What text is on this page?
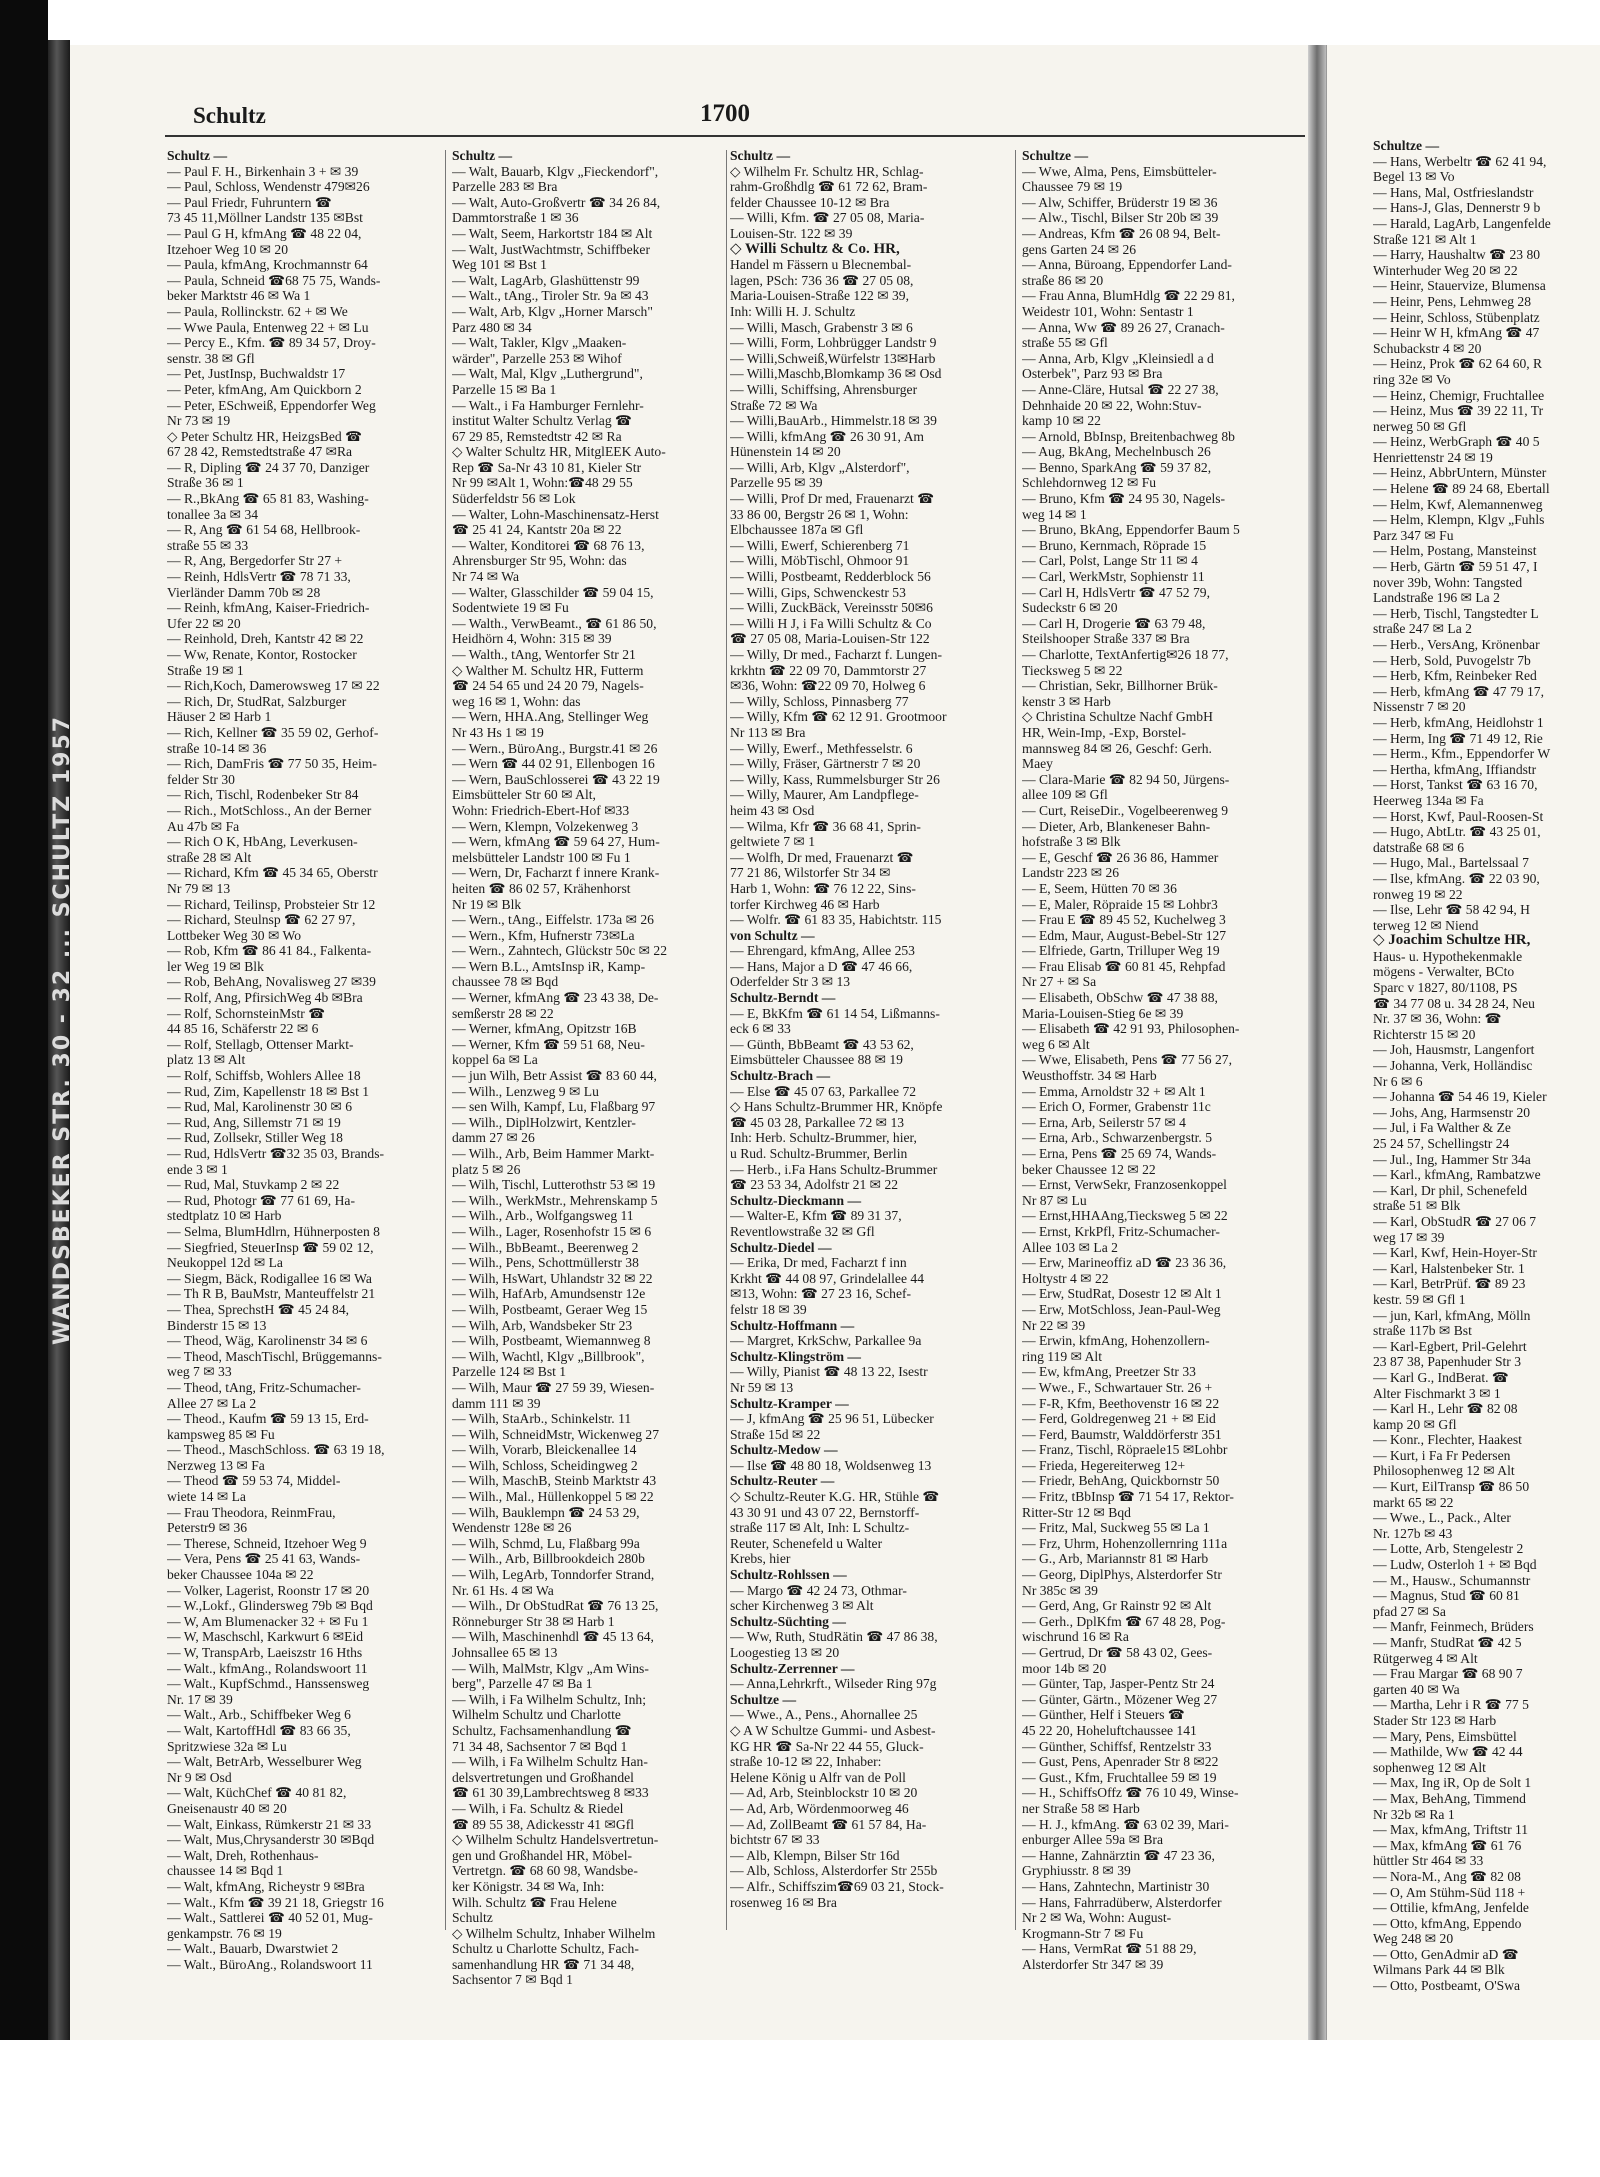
WANDSBEKER STR. 30 - 32 ... SCHULTZ 1957
Schultz	1700
Schultz —
— Paul F. H., Birkenhain 3 + ✉ 39
— Paul, Schloss, Wendenstr 479✉26
— Paul Friedr, Fuhruntern ☎
73 45 11,Möllner Landstr 135 ✉Bst
— Paul G H, kfmAng ☎ 48 22 04,
Itzehoer Weg 10 ✉ 20
— Paula, kfmAng, Krochmannstr 64
— Paula, Schneid ☎68 75 75, Wands-
beker Marktstr 46 ✉ Wa 1
— Paula, Rollinckstr. 62 + ✉ We
— Wwe Paula, Entenweg 22 + ✉ Lu
— Percy E., Kfm. ☎ 89 34 57, Droy-
senstr. 38 ✉ Gfl
— Pet, JustInsp, Buchwaldstr 17
— Peter, kfmAng, Am Quickborn 2
— Peter, ESchweiß, Eppendorfer Weg
Nr 73 ✉ 19
◇ Peter Schultz HR, HeizgsBed ☎
67 28 42, Remstedtstraße 47 ✉Ra
— R, Dipling ☎ 24 37 70, Danziger
Straße 36 ✉ 1
— R.,BkAng ☎ 65 81 83, Washing-
tonallee 3a ✉ 34
— R, Ang ☎ 61 54 68, Hellbrook-
straße 55 ✉ 33
— R, Ang, Bergedorfer Str 27 +
— Reinh, HdlsVertr ☎ 78 71 33,
Vierländer Damm 70b ✉ 28
— Reinh, kfmAng, Kaiser-Friedrich-
Ufer 22 ✉ 20
— Reinhold, Dreh, Kantstr 42 ✉ 22
— Ww, Renate, Kontor, Rostocker
Straße 19 ✉ 1
— Rich,Koch, Damerowsweg 17 ✉ 22
— Rich, Dr, StudRat, Salzburger
Häuser 2 ✉ Harb 1
— Rich, Kellner ☎ 35 59 02, Gerhof-
straße 10-14 ✉ 36
— Rich, DamFris ☎ 77 50 35, Heim-
felder Str 30
— Rich, Tischl, Rodenbeker Str 84
— Rich., MotSchloss., An der Berner
Au 47b ✉ Fa
— Rich O K, HbAng, Leverkusen-
straße 28 ✉ Alt
— Richard, Kfm ☎ 45 34 65, Oberstr
Nr 79 ✉ 13
— Richard, Teilinsp, Probsteier Str 12
— Richard, Steulnsp ☎ 62 27 97,
Lottbeker Weg 30 ✉ Wo
— Rob, Kfm ☎ 86 41 84., Falkenta-
ler Weg 19 ✉ Blk
— Rob, BehAng, Novalisweg 27 ✉39
— Rolf, Ang, PfirsichWeg 4b ✉Bra
— Rolf, SchornsteinMstr ☎
44 85 16, Schäferstr 22 ✉ 6
— Rolf, Stellagb, Ottenser Markt-
platz 13 ✉ Alt
— Rolf, Schiffsb, Wohlers Allee 18
— Rud, Zim, Kapellenstr 18 ✉ Bst 1
— Rud, Mal, Karolinenstr 30 ✉ 6
— Rud, Ang, Sillemstr 71 ✉ 19
— Rud, Zollsekr, Stiller Weg 18
— Rud, HdlsVertr ☎32 35 03, Brands-
ende 3 ✉ 1
— Rud, Mal, Stuvkamp 2 ✉ 22
— Rud, Photogr ☎ 77 61 69, Ha-
stedtplatz 10 ✉ Harb
— Selma, BlumHdlrn, Hühnerposten 8
— Siegfried, SteuerInsp ☎ 59 02 12,
Neukoppel 12d ✉ La
— Siegm, Bäck, Rodigallee 16 ✉ Wa
— Th R B, BauMstr, Manteuffelstr 21
— Thea, SprechstH ☎ 45 24 84,
Binderstr 15 ✉ 13
— Theod, Wäg, Karolinenstr 34 ✉ 6
— Theod, MaschTischl, Brüggemanns-
weg 7 ✉ 33
— Theod, tAng, Fritz-Schumacher-
Allee 27 ✉ La 2
— Theod., Kaufm ☎ 59 13 15, Erd-
kampsweg 85 ✉ Fu
— Theod., MaschSchloss. ☎ 63 19 18,
Nerzweg 13 ✉ Fa
— Theod ☎ 59 53 74, Middel-
wiete 14 ✉ La
— Frau Theodora, ReinmFrau,
Peterstr9 ✉ 36
— Therese, Schneid, Itzehoer Weg 9
— Vera, Pens ☎ 25 41 63, Wands-
beker Chaussee 104a ✉ 22
— Volker, Lagerist, Roonstr 17 ✉ 20
— W.,Lokf., Glindersweg 79b ✉ Bqd
— W, Am Blumenacker 32 + ✉ Fu 1
— W, Maschschl, Karkwurt 6 ✉Eid
— W, TranspArb, Laeiszstr 16 Hths
— Walt., kfmAng., Rolandswoort 11
— Walt., KupfSchmd., Hanssensweg
Nr. 17 ✉ 39
— Walt., Arb., Schiffbeker Weg 6
— Walt, KartoffHdl ☎ 83 66 35,
Spritzwiese 32a ✉ Lu
— Walt, BetrArb, Wesselburer Weg
Nr 9 ✉ Osd
— Walt, KüchChef ☎ 40 81 82,
Gneisenaustr 40 ✉ 20
— Walt, Einkass, Rümkerstr 21 ✉ 33
— Walt, Mus,Chrysanderstr 30 ✉Bqd
— Walt, Dreh, Rothenhaus-
chaussee 14 ✉ Bqd 1
— Walt, kfmAng, Richeystr 9 ✉Bra
— Walt., Kfm ☎ 39 21 18, Griegstr 16
— Walt., Sattlerei ☎ 40 52 01, Mug-
genkampstr. 76 ✉ 19
— Walt., Bauarb, Dwarstwiet 2
— Walt., BüroAng., Rolandswoort 11
Schultz —
— Walt, Bauarb, Klgv „Fieckendorf",
Parzelle 283 ✉ Bra
— Walt, Auto-Großvertr ☎ 34 26 84,
Dammtorstraße 1 ✉ 36
— Walt, Seem, Harkortstr 184 ✉ Alt
— Walt, JustWachtmstr, Schiffbeker
Weg 101 ✉ Bst 1
— Walt, LagArb, Glashüttenstr 99
— Walt., tAng., Tiroler Str. 9a ✉ 43
— Walt, Arb, Klgv „Horner Marsch"
Parz 480 ✉ 34
— Walt, Takler, Klgv „Maaken-
wärder", Parzelle 253 ✉ Wihof
— Walt, Mal, Klgv „Luthergrund",
Parzelle 15 ✉ Ba 1
— Walt., i Fa Hamburger Fernlehr-
institut Walter Schultz Verlag ☎
67 29 85, Remstedtstr 42 ✉ Ra
◇ Walter Schultz HR, MitglEEK Auto-
Rep ☎ Sa-Nr 43 10 81, Kieler Str
Nr 99 ✉Alt 1, Wohn:☎48 29 55
Süderfeldstr 56 ✉ Lok
— Walter, Lohn-Maschinensatz-Herst
☎ 25 41 24, Kantstr 20a ✉ 22
— Walter, Konditorei ☎ 68 76 13,
Ahrensburger Str 95, Wohn: das
Nr 74 ✉ Wa
— Walter, Glasschilder ☎ 59 04 15,
Sodentwiete 19 ✉ Fu
— Walth., VerwBeamt., ☎ 61 86 50,
Heidhörn 4, Wohn: 315 ✉ 39
— Walth., tAng, Wentorfer Str 21
◇ Walther M. Schultz HR, Futterm
☎ 24 54 65 und 24 20 79, Nagels-
weg 16 ✉ 1, Wohn: das
— Wern, HHA.Ang, Stellinger Weg
Nr 43 Hs 1 ✉ 19
— Wern., BüroAng., Burgstr.41 ✉ 26
— Wern ☎ 44 02 91, Ellenbogen 16
— Wern, BauSchlosserei ☎ 43 22 19
Eimsbütteler Str 60 ✉ Alt,
Wohn: Friedrich-Ebert-Hof ✉33
— Wern, Klempn, Volzekenweg 3
— Wern, kfmAng ☎ 59 64 27, Hum-
melsbütteler Landstr 100 ✉ Fu 1
— Wern, Dr, Facharzt f innere Krank-
heiten ☎ 86 02 57, Krähenhorst
Nr 19 ✉ Blk
— Wern., tAng., Eiffelstr. 173a ✉ 26
— Wern., Kfm, Hufnerstr 73✉La
— Wern., Zahntech, Glückstr 50c ✉ 22
— Wern B.L., AmtsInsp iR, Kamp-
chaussee 78 ✉ Bqd
— Werner, kfmAng ☎ 23 43 38, De-
semßerstr 28 ✉ 22
— Werner, kfmAng, Opitzstr 16B
— Werner, Kfm ☎ 59 51 68, Neu-
koppel 6a ✉ La
— jun Wilh, Betr Assist ☎ 83 60 44,
— Wilh., Lenzweg 9 ✉ Lu
— sen Wilh, Kampf, Lu, Flaßbarg 97
— Wilh., DiplHolzwirt, Kentzler-
damm 27 ✉ 26
— Wilh., Arb, Beim Hammer Markt-
platz 5 ✉ 26
— Wilh, Tischl, Lutterothstr 53 ✉ 19
— Wilh., WerkMstr., Mehrenskamp 5
— Wilh., Arb., Wolfgangsweg 11
— Wilh., Lager, Rosenhofstr 15 ✉ 6
— Wilh., BbBeamt., Beerenweg 2
— Wilh., Pens, Schottmüllerstr 38
— Wilh, HsWart, Uhlandstr 32 ✉ 22
— Wilh, HafArb, Amundsenstr 12e
— Wilh, Postbeamt, Geraer Weg 15
— Wilh, Arb, Wandsbeker Str 23
— Wilh, Postbeamt, Wiemannweg 8
— Wilh, Wachtl, Klgv „Billbrook",
Parzelle 124 ✉ Bst 1
— Wilh, Maur ☎ 27 59 39, Wiesen-
damm 111 ✉ 39
— Wilh, StaArb., Schinkelstr. 11
— Wilh, SchneidMstr, Wickenweg 27
— Wilh, Vorarb, Bleickenallee 14
— Wilh, Schloss, Scheidingweg 2
— Wilh, MaschB, Steinb Marktstr 43
— Wilh., Mal., Hüllenkoppel 5 ✉ 22
— Wilh, Bauklempn ☎ 24 53 29,
Wendenstr 128e ✉ 26
— Wilh, Schmd, Lu, Flaßbarg 99a
— Wilh., Arb, Billbrookdeich 280b
— Wilh, LegArb, Tonndorfer Strand,
Nr. 61 Hs. 4 ✉ Wa
— Wilh., Dr ObStudRat ☎ 76 13 25,
Rönneburger Str 38 ✉ Harb 1
— Wilh, Maschinenhdl ☎ 45 13 64,
Johnsallee 65 ✉ 13
— Wilh, MalMstr, Klgv „Am Wins-
berg", Parzelle 47 ✉ Ba 1
— Wilh, i Fa Wilhelm Schultz, Inh;
Wilhelm Schultz und Charlotte
Schultz, Fachsamenhandlung ☎
71 34 48, Sachsentor 7 ✉ Bqd 1
— Wilh, i Fa Wilhelm Schultz Han-
delsvertretungen und Großhandel
☎ 61 30 39,Lambrechtsweg 8 ✉33
— Wilh, i Fa. Schultz & Riedel
☎ 89 55 38, Adickesstr 41 ✉Gfl
◇ Wilhelm Schultz Handelsvertretun-
gen und Großhandel HR, Möbel-
Vertretgn. ☎ 68 60 98, Wandsbe-
ker Königstr. 34 ✉ Wa, Inh:
Wilh. Schultz ☎ Frau Helene
Schultz
◇ Wilhelm Schultz, Inhaber Wilhelm
Schultz u Charlotte Schultz, Fach-
samenhandlung HR ☎ 71 34 48,
Sachsentor 7 ✉ Bqd 1
Schultz —
◇ Wilhelm Fr. Schultz HR, Schlag-
rahm-Großhdlg ☎ 61 72 62, Bram-
felder Chaussee 10-12 ✉ Bra
— Willi, Kfm. ☎ 27 05 08, Maria-
Louisen-Str. 122 ✉ 39
◇ Willi Schultz & Co. HR,
Handel m Fässern u Blecnembal-
lagen, PSch: 736 36 ☎ 27 05 08,
Maria-Louisen-Straße 122 ✉ 39,
Inh: Willi H. J. Schultz
— Willi, Masch, Grabenstr 3 ✉ 6
— Willi, Form, Lohbrügger Landstr 9
— Willi,Schweiß,Würfelstr 13✉Harb
— Willi,Maschb,Blomkamp 36 ✉ Osd
— Willi, Schiffsing, Ahrensburger
Straße 72 ✉ Wa
— Willi,BauArb., Himmelstr.18 ✉ 39
— Willi, kfmAng ☎ 26 30 91, Am
Hünenstein 14 ✉ 20
— Willi, Arb, Klgv „Alsterdorf",
Parzelle 95 ✉ 39
— Willi, Prof Dr med, Frauenarzt ☎
33 86 00, Bergstr 26 ✉ 1, Wohn:
Elbchaussee 187a ✉ Gfl
— Willi, Ewerf, Schierenberg 71
— Willi, MöbTischl, Ohmoor 91
— Willi, Postbeamt, Redderblock 56
— Willi, Gips, Schwenckestr 53
— Willi, ZuckBäck, Vereinsstr 50✉6
— Willi H J, i Fa Willi Schultz & Co
☎ 27 05 08, Maria-Louisen-Str 122
— Willy, Dr med., Facharzt f. Lungen-
krkhtn ☎ 22 09 70, Dammtorstr 27
✉36, Wohn: ☎22 09 70, Holweg 6
— Willy, Schloss, Pinnasberg 77
— Willy, Kfm ☎ 62 12 91. Grootmoor
Nr 113 ✉ Bra
— Willy, Ewerf., Methfesselstr. 6
— Willy, Fräser, Gärtnerstr 7 ✉ 20
— Willy, Kass, Rummelsburger Str 26
— Willy, Maurer, Am Landpflege-
heim 43 ✉ Osd
— Wilma, Kfr ☎ 36 68 41, Sprin-
geltwiete 7 ✉ 1
— Wolfh, Dr med, Frauenarzt ☎
77 21 86, Wilstorfer Str 34 ✉
Harb 1, Wohn: ☎ 76 12 22, Sins-
torfer Kirchweg 46 ✉ Harb
— Wolfr. ☎ 61 83 35, Habichtstr. 115
von Schultz —
— Ehrengard, kfmAng, Allee 253
— Hans, Major a D ☎ 47 46 66,
Oderfelder Str 3 ✉ 13
Schultz-Berndt —
— E, BkKfm ☎ 61 14 54, Lißmanns-
eck 6 ✉ 33
— Günth, BbBeamt ☎ 43 53 62,
Eimsbütteler Chaussee 88 ✉ 19
Schultz-Brach —
— Else ☎ 45 07 63, Parkallee 72
◇ Hans Schultz-Brummer HR, Knöpfe
☎ 45 03 28, Parkallee 72 ✉ 13
Inh: Herb. Schultz-Brummer, hier,
u Rud. Schultz-Brummer, Berlin
— Herb., i.Fa Hans Schultz-Brummer
☎ 23 53 34, Adolfstr 21 ✉ 22
Schultz-Dieckmann —
— Walter-E, Kfm ☎ 89 31 37,
Reventlowstraße 32 ✉ Gfl
Schultz-Diedel —
— Erika, Dr med, Facharzt f inn
Krkht ☎ 44 08 97, Grindelallee 44
✉13, Wohn: ☎ 27 23 16, Schef-
felstr 18 ✉ 39
Schultz-Hoffmann —
— Margret, KrkSchw, Parkallee 9a
Schultz-Klingström —
— Willy, Pianist ☎ 48 13 22, Isestr
Nr 59 ✉ 13
Schultz-Kramper —
— J, kfmAng ☎ 25 96 51, Lübecker
Straße 15d ✉ 22
Schultz-Medow —
— Ilse ☎ 48 80 18, Woldsenweg 13
Schultz-Reuter —
◇ Schultz-Reuter K.G. HR, Stühle ☎
43 30 91 und 43 07 22, Bernstorff-
straße 117 ✉ Alt, Inh: L Schultz-
Reuter, Schenefeld u Walter
Krebs, hier
Schultz-Rohlssen —
— Margo ☎ 42 24 73, Othmar-
scher Kirchenweg 3 ✉ Alt
Schultz-Süchting —
— Ww, Ruth, StudRätin ☎ 47 86 38,
Loogestieg 13 ✉ 20
Schultz-Zerrenner —
— Anna,Lehrkrft., Wilseder Ring 97g
Schultze —
— Wwe., A., Pens., Ahornallee 25
◇ A W Schultze Gummi- und Asbest-
KG HR ☎ Sa-Nr 22 44 55, Gluck-
straße 10-12 ✉ 22, Inhaber:
Helene König u Alfr van de Poll
— Ad, Arb, Steinblockstr 10 ✉ 20
— Ad, Arb, Wördenmoorweg 46
— Ad, ZollBeamt ☎ 61 57 84, Ha-
bichtstr 67 ✉ 33
— Alb, Klempn, Bilser Str 16d
— Alb, Schloss, Alsterdorfer Str 255b
— Alfr., Schiffszim☎69 03 21, Stock-
rosenweg 16 ✉ Bra
Schultze —
— Wwe, Alma, Pens, Eimsbütteler-
Chaussee 79 ✉ 19
— Alw, Schiffer, Brüderstr 19 ✉ 36
— Alw., Tischl, Bilser Str 20b ✉ 39
— Andreas, Kfm ☎ 26 08 94, Belt-
gens Garten 24 ✉ 26
— Anna, Büroang, Eppendorfer Land-
straße 86 ✉ 20
— Frau Anna, BlumHdlg ☎ 22 29 81,
Weidestr 101, Wohn: Sentastr 1
— Anna, Ww ☎ 89 26 27, Cranach-
straße 55 ✉ Gfl
— Anna, Arb, Klgv „Kleinsiedl a d
Osterbek", Parz 93 ✉ Bra
— Anne-Cläre, Hutsal ☎ 22 27 38,
Dehnhaide 20 ✉ 22, Wohn:Stuv-
kamp 10 ✉ 22
— Arnold, BbInsp, Breitenbachweg 8b
— Aug, BkAng, Mechelnbusch 26
— Benno, SparkAng ☎ 59 37 82,
Schlehdornweg 12 ✉ Fu
— Bruno, Kfm ☎ 24 95 30, Nagels-
weg 14 ✉ 1
— Bruno, BkAng, Eppendorfer Baum 5
— Bruno, Kernmach, Röprade 15
— Carl, Polst, Lange Str 11 ✉ 4
— Carl, WerkMstr, Sophienstr 11
— Carl H, HdlsVertr ☎ 47 52 79,
Sudeckstr 6 ✉ 20
— Carl H, Drogerie ☎ 63 79 48,
Steilshooper Straße 337 ✉ Bra
— Charlotte, TextAnfertig✉26 18 77,
Tiecksweg 5 ✉ 22
— Christian, Sekr, Billhorner Brük-
kenstr 3 ✉ Harb
◇ Christina Schultze Nachf GmbH
HR, Wein-Imp, -Exp, Borstel-
mannsweg 84 ✉ 26, Geschf: Gerh.
Maey
— Clara-Marie ☎ 82 94 50, Jürgens-
allee 109 ✉ Gfl
— Curt, ReiseDir., Vogelbeerenweg 9
— Dieter, Arb, Blankeneser Bahn-
hofstraße 3 ✉ Blk
— E, Geschf ☎ 26 36 86, Hammer
Landstr 223 ✉ 26
— E, Seem, Hütten 70 ✉ 36
— E, Maler, Röpraide 15 ✉ Lohbr3
— Frau E ☎ 89 45 52, Kuchelweg 3
— Edm, Maur, August-Bebel-Str 127
— Elfriede, Gartn, Trilluper Weg 19
— Frau Elisab ☎ 60 81 45, Rehpfad
Nr 27 + ✉ Sa
— Elisabeth, ObSchw ☎ 47 38 88,
Maria-Louisen-Stieg 6e ✉ 39
— Elisabeth ☎ 42 91 93, Philosophen-
weg 6 ✉ Alt
— Wwe, Elisabeth, Pens ☎ 77 56 27,
Weusthoffstr. 34 ✉ Harb
— Emma, Arnoldstr 32 + ✉ Alt 1
— Erich O, Former, Grabenstr 11c
— Erna, Arb, Seilerstr 57 ✉ 4
— Erna, Arb., Schwarzenbergstr. 5
— Erna, Pens ☎ 25 69 74, Wands-
beker Chaussee 12 ✉ 22
— Ernst, VerwSekr, Franzosenkoppel
Nr 87 ✉ Lu
— Ernst,HHAAng,Tiecksweg 5 ✉ 22
— Ernst, KrkPfl, Fritz-Schumacher-
Allee 103 ✉ La 2
— Erw, Marineoffiz aD ☎ 23 36 36,
Holtystr 4 ✉ 22
— Erw, StudRat, Dosestr 12 ✉ Alt 1
— Erw, MotSchloss, Jean-Paul-Weg
Nr 22 ✉ 39
— Erwin, kfmAng, Hohenzollern-
ring 119 ✉ Alt
— Ew, kfmAng, Preetzer Str 33
— Wwe., F., Schwartauer Str. 26 +
— F-R, Kfm, Beethovenstr 16 ✉ 22
— Ferd, Goldregenweg 21 + ✉ Eid
— Ferd, Baumstr, Walddörferstr 351
— Franz, Tischl, Röpraele15 ✉Lohbr
— Frieda, Hegereiterweg 12+
— Friedr, BehAng, Quickbornstr 50
— Fritz, tBbInsp ☎ 71 54 17, Rektor-
Ritter-Str 12 ✉ Bqd
— Fritz, Mal, Suckweg 55 ✉ La 1
— Frz, Uhrm, Hohenzollernring 111a
— G., Arb, Mariannstr 81 ✉ Harb
— Georg, DiplPhys, Alsterdorfer Str
Nr 385c ✉ 39
— Gerd, Ang, Gr Rainstr 92 ✉ Alt
— Gerh., DplKfm ☎ 67 48 28, Pog-
wischrund 16 ✉ Ra
— Gertrud, Dr ☎ 58 43 02, Gees-
moor 14b ✉ 20
— Günter, Tap, Jasper-Pentz Str 24
— Günter, Gärtn., Mözener Weg 27
— Günther, Helf i Steuers ☎
45 22 20, Hoheluftchaussee 141
— Günther, Schiffsf, Rentzelstr 33
— Gust, Pens, Apenrader Str 8 ✉22
— Gust., Kfm, Fruchtallee 59 ✉ 19
— H., SchiffsOffz ☎ 76 10 49, Winse-
ner Straße 58 ✉ Harb
— H. J., kfmAng. ☎ 63 02 39, Mari-
enburger Allee 59a ✉ Bra
— Hanne, Zahnärztin ☎ 47 23 36,
Gryphiusstr. 8 ✉ 39
— Hans, Zahntechn, Martinistr 30
— Hans, Fahrradüberw, Alsterdorfer
Nr 2 ✉ Wa, Wohn: August-
Krogmann-Str 7 ✉ Fu
— Hans, VermRat ☎ 51 88 29,
Alsterdorfer Str 347 ✉ 39
Schultze —
— Hans, Werbeltr ☎ 62 41 94,
Begel 13 ✉ Vo
— Hans, Mal, Ostfrieslandstr
— Hans-J, Glas, Dennerstr 9 b
— Harald, LagArb, Langenfelde
Straße 121 ✉ Alt 1
— Harry, Haushaltw ☎ 23 80
Winterhuder Weg 20 ✉ 22
— Heinr, Stauervize, Blumensa
— Heinr, Pens, Lehmweg 28
— Heinr, Schloss, Stübenplatz
— Heinr W H, kfmAng ☎ 47
Schubackstr 4 ✉ 20
— Heinz, Prok ☎ 62 64 60, R
ring 32e ✉ Vo
— Heinz, Chemigr, Fruchtallee
— Heinz, Mus ☎ 39 22 11, Tr
nerweg 50 ✉ Gfl
— Heinz, WerbGraph ☎ 40 5
Henriettenstr 24 ✉ 19
— Heinz, AbbrUntern, Münster
— Helene ☎ 89 24 68, Ebertall
— Helm, Kwf, Alemannenweg
— Helm, Klempn, Klgv „Fuhls
Parz 347 ✉ Fu
— Helm, Postang, Mansteinst
— Herb, Gärtn ☎ 59 51 47, I
nover 39b, Wohn: Tangsted
Landstraße 196 ✉ La 2
— Herb, Tischl, Tangstedter L
straße 247 ✉ La 2
— Herb., VersAng, Krönenbar
— Herb, Sold, Puvogelstr 7b
— Herb, Kfm, Reinbeker Red
— Herb, kfmAng ☎ 47 79 17,
Nissenstr 7 ✉ 20
— Herb, kfmAng, Heidlohstr 1
— Herm, Ing ☎ 71 49 12, Rie
— Herm., Kfm., Eppendorfer W
— Hertha, kfmAng, Iffiandstr
— Horst, Tankst ☎ 63 16 70,
Heerweg 134a ✉ Fa
— Horst, Kwf, Paul-Roosen-St
— Hugo, AbtLtr. ☎ 43 25 01,
datstraße 68 ✉ 6
— Hugo, Mal., Bartelssaal 7
— Ilse, kfmAng. ☎ 22 03 90,
ronweg 19 ✉ 22
— Ilse, Lehr ☎ 58 42 94, H
terweg 12 ✉ Niend
◇ Joachim Schultze HR,
Haus- u. Hypothekenmakle
mögens - Verwalter, BCto
Sparc v 1827, 80/1108, PS
☎ 34 77 08 u. 34 28 24, Neu
Nr. 37 ✉ 36, Wohn: ☎
Richterstr 15 ✉ 20
— Joh, Hausmstr, Langenfort
— Johanna, Verk, Holländisc
Nr 6 ✉ 6
— Johanna ☎ 54 46 19, Kieler
— Johs, Ang, Harmsenstr 20
— Jul, i Fa Walther & Ze
25 24 57, Schellingstr 24
— Jul., Ing, Hammer Str 34a
— Karl., kfmAng, Rambatzwe
— Karl, Dr phil, Schenefeld
straße 51 ✉ Blk
— Karl, ObStudR ☎ 27 06 7
weg 17 ✉ 39
— Karl, Kwf, Hein-Hoyer-Str
— Karl, Halstenbeker Str. 1
— Karl, BetrPrüf. ☎ 89 23
kestr. 59 ✉ Gfl 1
— jun, Karl, kfmAng, Mölln
straße 117b ✉ Bst
— Karl-Egbert, Pril-Gelehrt
23 87 38, Papenhuder Str 3
— Karl G., IndBerat. ☎
Alter Fischmarkt 3 ✉ 1
— Karl H., Lehr ☎ 82 08
kamp 20 ✉ Gfl
— Konr., Flechter, Haakest
— Kurt, i Fa Fr Pedersen
Philosophenweg 12 ✉ Alt
— Kurt, EilTransp ☎ 86 50
markt 65 ✉ 22
— Wwe., L., Pack., Alter
Nr. 127b ✉ 43
— Lotte, Arb, Stengelestr 2
— Ludw, Osterloh 1 + ✉ Bqd
— M., Hausw., Schumannstr
— Magnus, Stud ☎ 60 81
pfad 27 ✉ Sa
— Manfr, Feinmech, Brüders
— Manfr, StudRat ☎ 42 5
Rütgerweg 4 ✉ Alt
— Frau Margar ☎ 68 90 7
garten 40 ✉ Wa
— Martha, Lehr i R ☎ 77 5
Stader Str 123 ✉ Harb
— Mary, Pens, Eimsbüttel
— Mathilde, Ww ☎ 42 44
sophenweg 12 ✉ Alt
— Max, Ing iR, Op de Solt 1
— Max, BehAng, Timmend
Nr 32b ✉ Ra 1
— Max, kfmAng, Triftstr 11
— Max, kfmAng ☎ 61 76
hüttler Str 464 ✉ 33
— Nora-M., Ang ☎ 82 08
— O, Am Stühm-Süd 118 +
— Ottilie, kfmAng, Jenfelde
— Otto, kfmAng, Eppendo
Weg 248 ✉ 20
— Otto, GenAdmir aD ☎
Wilmans Park 44 ✉ Blk
— Otto, Postbeamt, O'Swa
